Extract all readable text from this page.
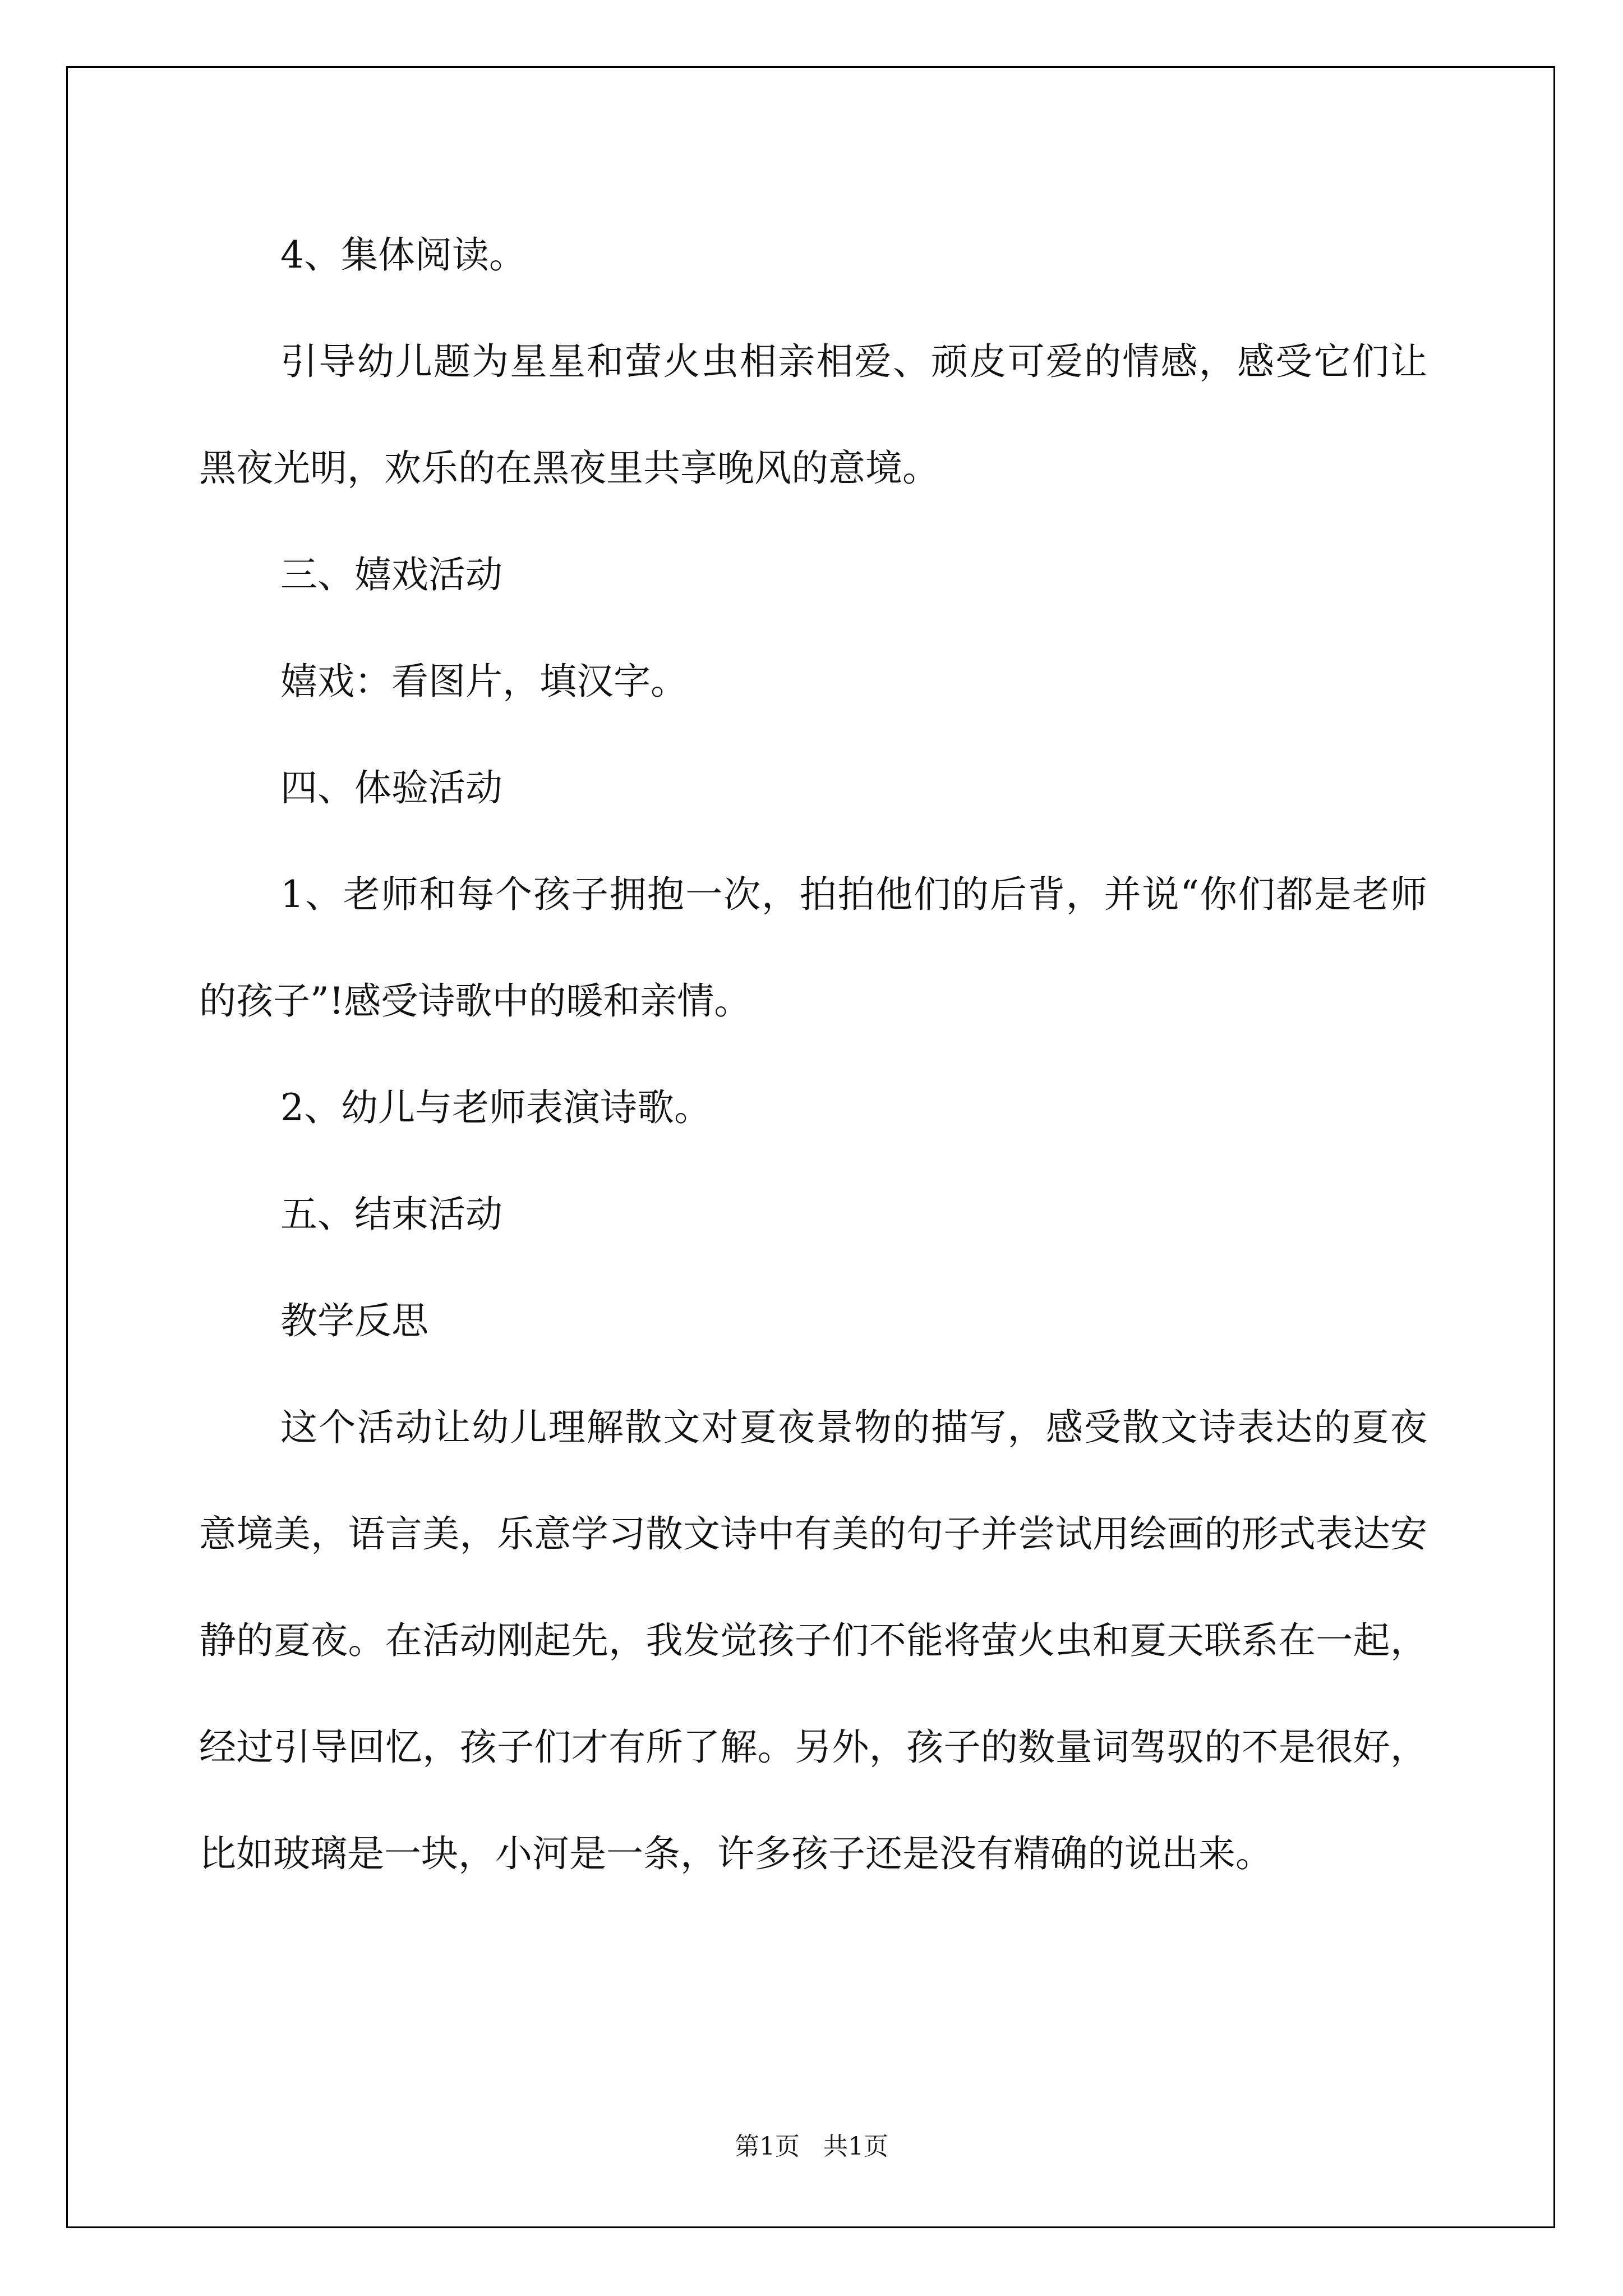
4、集体阅读。

引导幼儿题为星星和萤火虫相亲相爱、顽皮可爱的情感，感受它们让黑夜光明，欢乐的在黑夜里共享晚风的意境。

三、嬉戏活动

嬉戏：看图片，填汉字。

四、体验活动

1、老师和每个孩子拥抱一次，拍拍他们的后背，并说“你们都是老师的孩子”!感受诗歌中的暖和亲情。

2、幼儿与老师表演诗歌。

五、结束活动

教学反思

这个活动让幼儿理解散文对夏夜景物的描写，感受散文诗表达的夏夜意境美，语言美，乐意学习散文诗中有美的句子并尝试用绘画的形式表达安静的夏夜。在活动刚起先，我发觉孩子们不能将萤火虫和夏天联系在一起，经过引导回忆，孩子们才有所了解。另外，孩子的数量词驾驭的不是很好，比如玻璃是一块，小河是一条，许多孩子还是没有精确的说出来。

第1页 共1页
